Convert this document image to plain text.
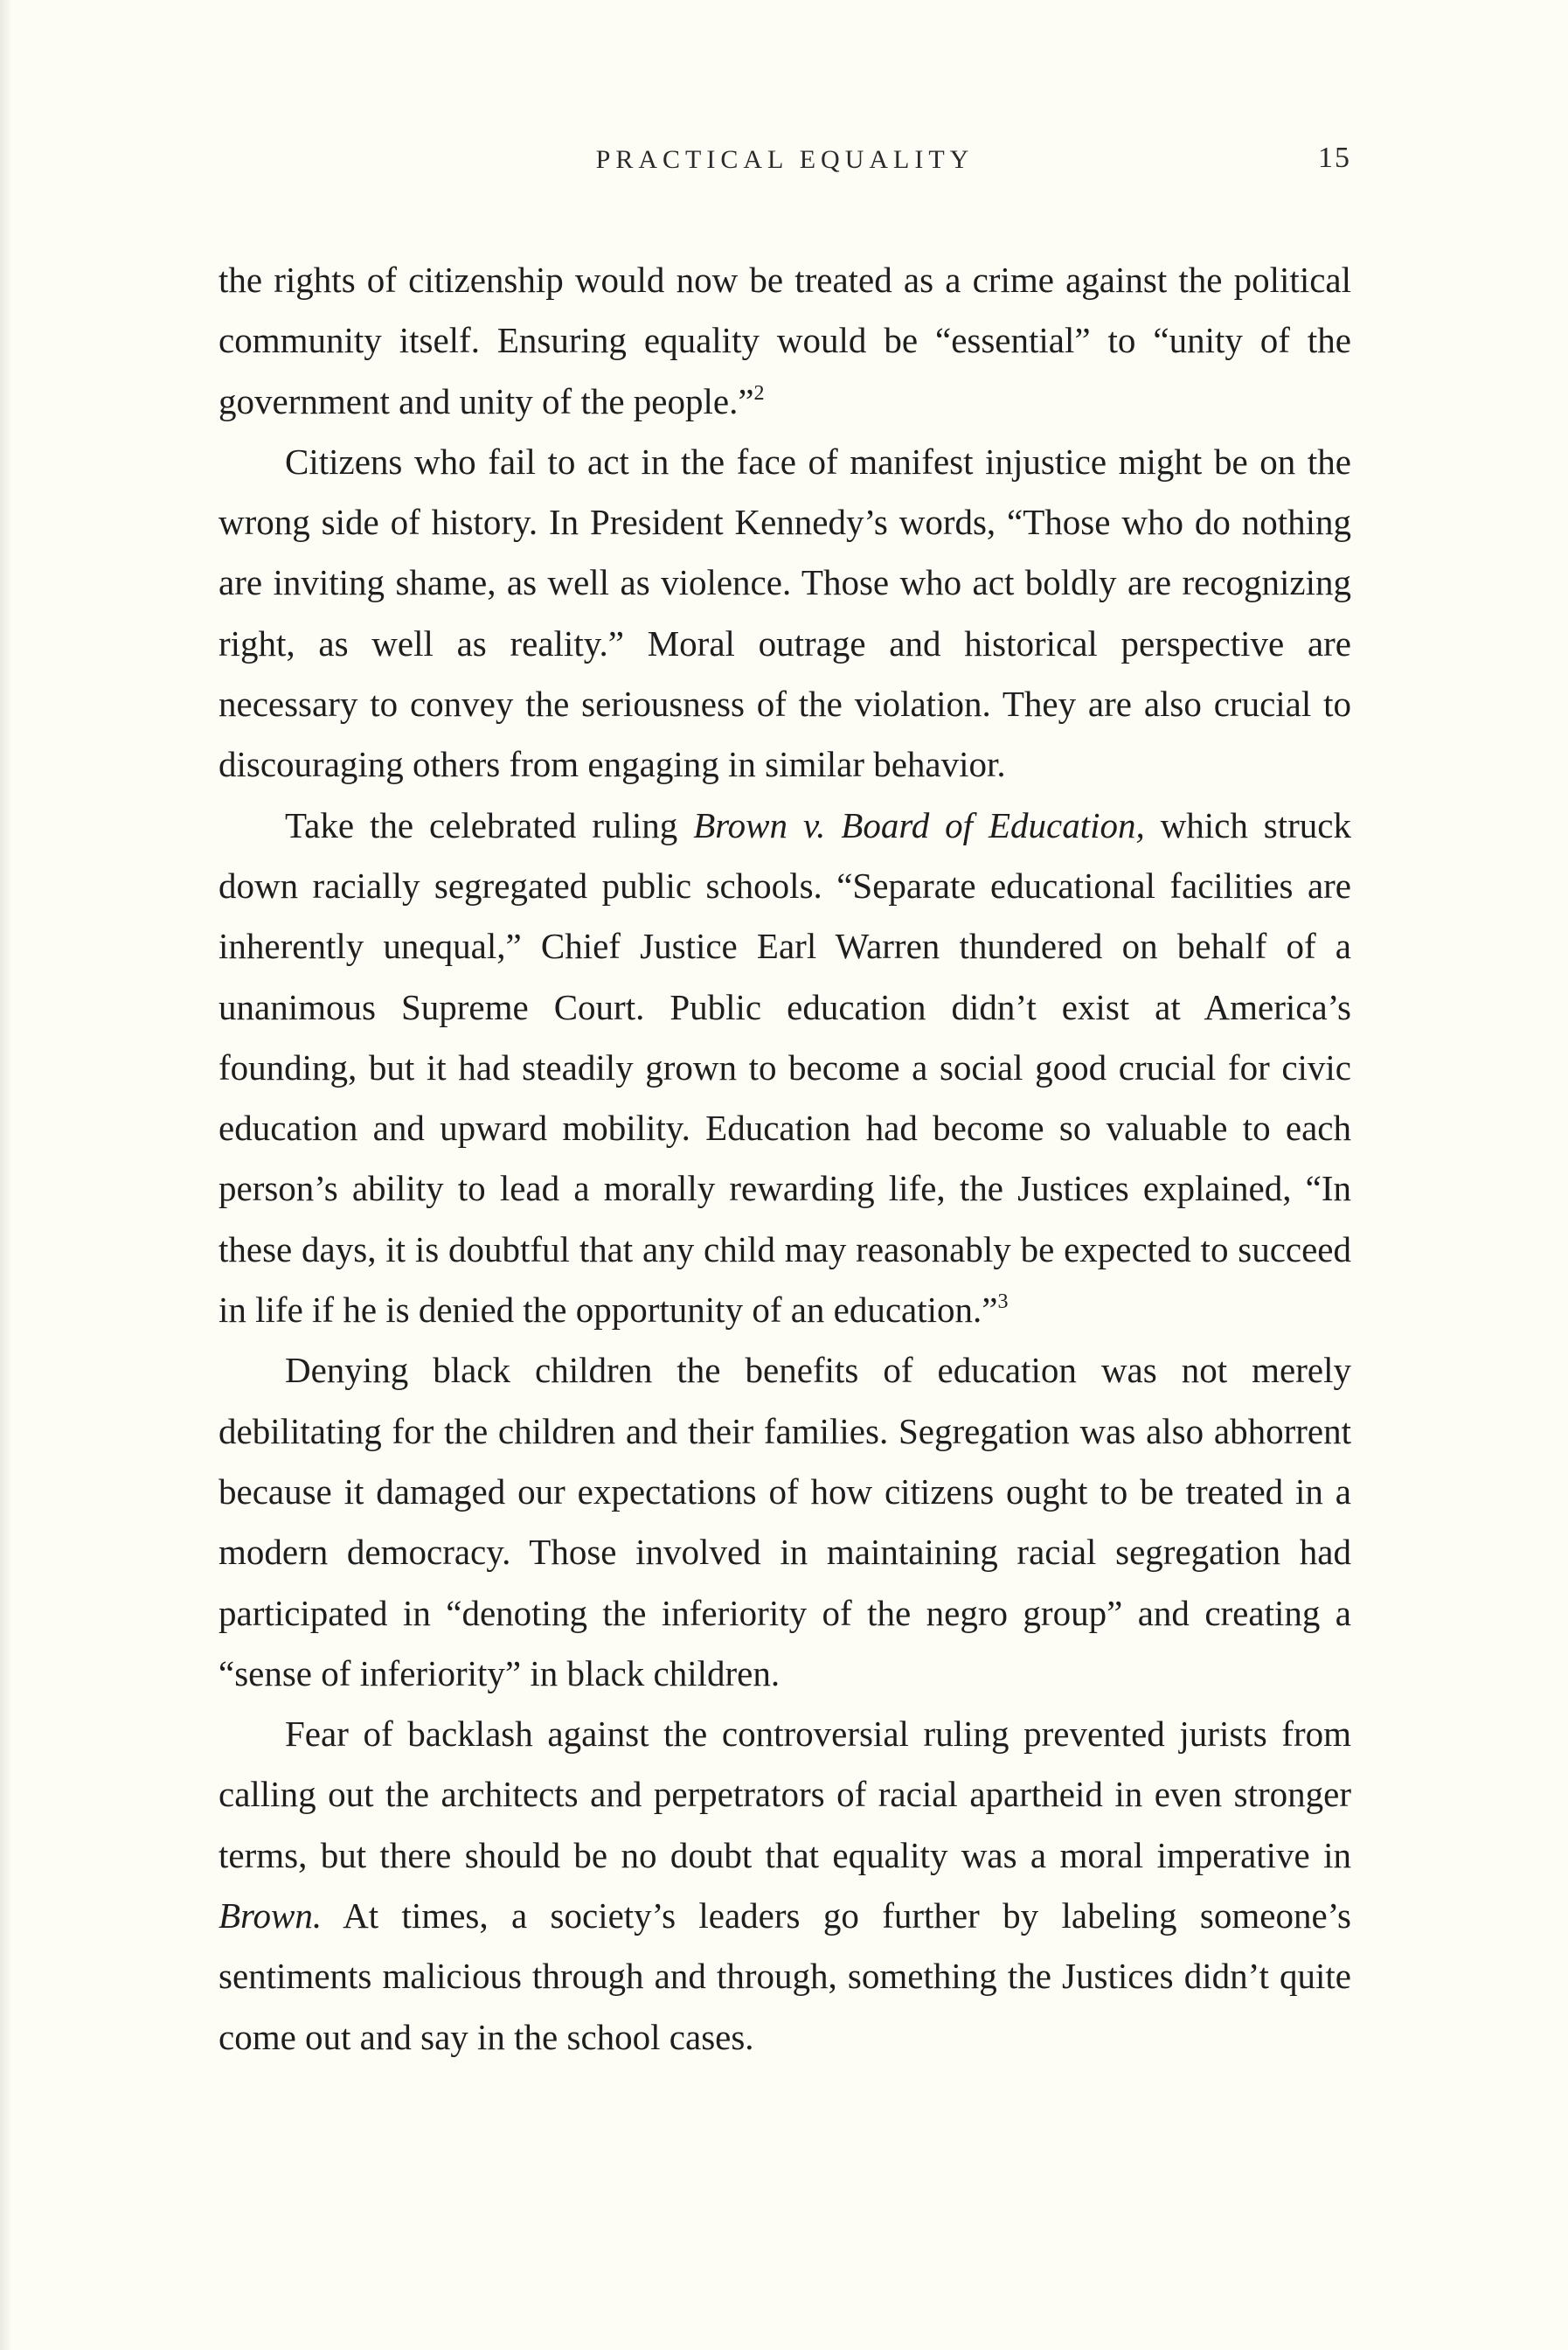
PRACTICAL EQUALITY	15

the rights of citizenship would now be treated as a crime against the political community itself. Ensuring equality would be “essential” to “unity of the government and unity of the people.”$^2$

Citizens who fail to act in the face of manifest injustice might be on the wrong side of history. In President Kennedy’s words, “Those who do nothing are inviting shame, as well as violence. Those who act boldly are recognizing right, as well as reality.” Moral outrage and historical perspective are necessary to convey the seriousness of the violation. They are also crucial to discouraging others from engaging in similar behavior.

Take the celebrated ruling Brown v. Board of Education, which struck down racially segregated public schools. “Separate educational facilities are inherently unequal,” Chief Justice Earl Warren thundered on behalf of a unanimous Supreme Court. Public education didn’t exist at America’s founding, but it had steadily grown to become a social good crucial for civic education and upward mobility. Education had become so valuable to each person’s ability to lead a morally rewarding life, the Justices explained, “In these days, it is doubtful that any child may reasonably be expected to succeed in life if he is denied the opportunity of an education.”$^3$

Denying black children the benefits of education was not merely debilitating for the children and their families. Segregation was also abhorrent because it damaged our expectations of how citizens ought to be treated in a modern democracy. Those involved in maintaining racial segregation had participated in “denoting the inferiority of the negro group” and creating a “sense of inferiority” in black children.

Fear of backlash against the controversial ruling prevented jurists from calling out the architects and perpetrators of racial apartheid in even stronger terms, but there should be no doubt that equality was a moral imperative in Brown. At times, a society’s leaders go further by labeling someone’s sentiments malicious through and through, something the Justices didn’t quite come out and say in the school cases.
